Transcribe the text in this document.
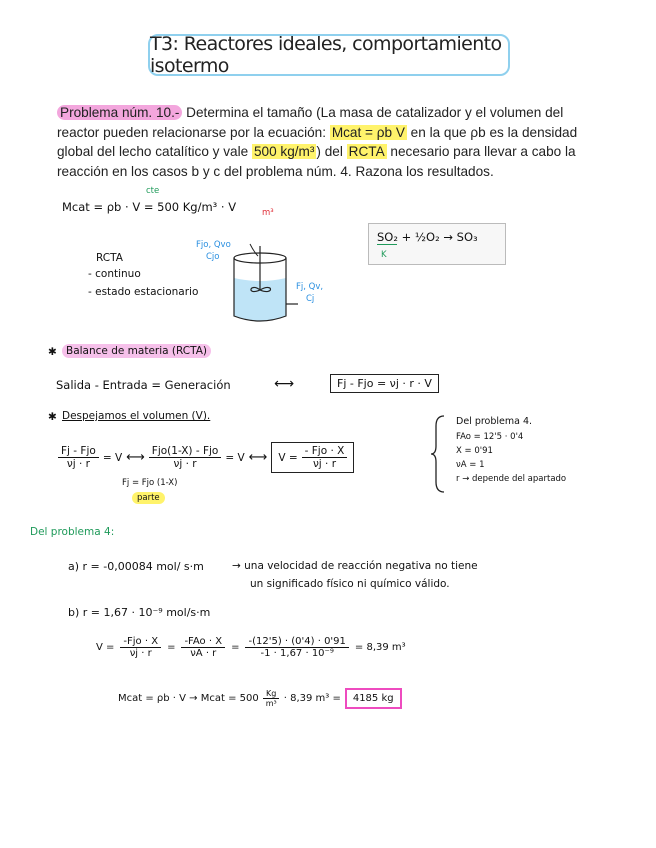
T3: Reactores ideales, comportamiento isotermo
Problema núm. 10.- Determina el tamaño (La masa de catalizador y el volumen del reactor pueden relacionarse por la ecuación: Mcat = ρb V en la que ρb es la densidad global del lecho catalítico y vale 500 kg/m³ ) del RCTA necesario para llevar a cabo la reacción en los casos b y c del problema núm. 4. Razona los resultados.
cte
Mcat = ρb · V = 500 Kg/m³ · V	m³
SO₂ + ½O₂ → SO₃
K
RCTA
- continuo
- estado estacionario
Fjo, Qvo
Cjo
Fj, Qv,
Cj
✱ Balance de materia (RCTA)
Salida - Entrada = Generación	⟷	Fj - Fjo = νj · r · V
✱ Despejamos el volumen (V).
$\frac{\text{Fj - Fjo}}{\nu j \cdot r} = V$ ⟷ $\frac{\text{Fjo(1-X) - Fjo}}{\nu j \cdot r} = V$ ⟷ $V = \frac{\text{- Fjo · X}}{\nu j \cdot r}$
Fj = Fjo (1-X)
parte
Del problema 4.
FAo = 12'5 · 0'4
X = 0'91
νA = 1
r → depende del apartado
Del problema 4:
a) r = -0,00084 mol/ s·m	→ una velocidad de reacción negativa no tiene
un significado físico ni químico válido.
b) r = 1,67 · 10⁻⁹ mol/s·m
$V = \frac{\text{-Fjo · X}}{\nu j \cdot r} = \frac{\text{-FAo · X}}{\nu A \cdot r} = \frac{-(12'5) \cdot (0'4) \cdot 0'91}{\text{-1 · 1,67 · 10⁻⁹}} = 8,39$ m³
Mcat = ρb · V → Mcat = $500 \frac{Kg}{\text{m³}} \cdot 8,39$ m³ =	4185 kg
